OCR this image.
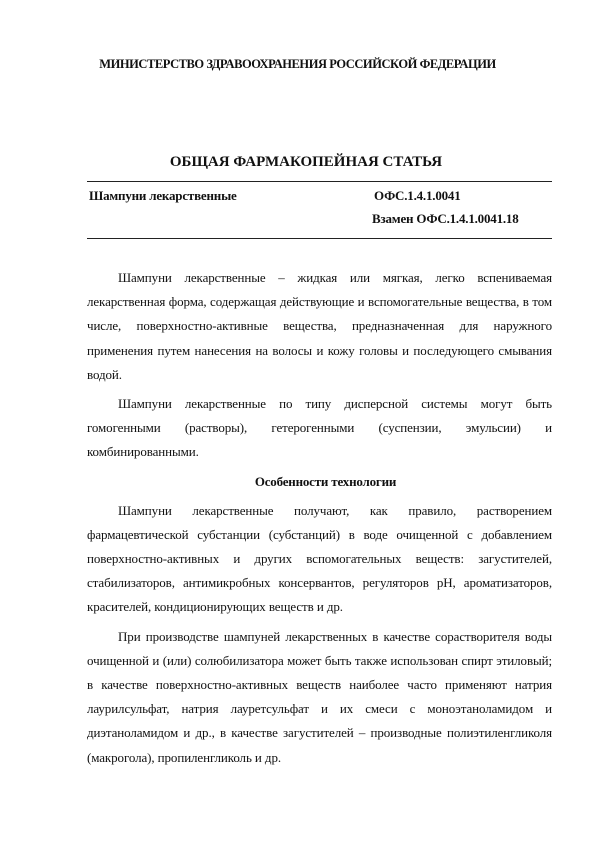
МИНИСТЕРСТВО ЗДРАВООХРАНЕНИЯ РОССИЙСКОЙ ФЕДЕРАЦИИ
ОБЩАЯ ФАРМАКОПЕЙНАЯ СТАТЬЯ
Шампуни лекарственные	ОФС.1.4.1.0041
Взамен ОФС.1.4.1.0041.18

Шампуни лекарственные – жидкая или мягкая, легко вспениваемая лекарственная форма, содержащая действующие и вспомогательные вещества, в том числе, поверхностно-активные вещества, предназначенная для наружного применения путем нанесения на волосы и кожу головы и последующего смывания водой.

Шампуни лекарственные по типу дисперсной системы могут быть гомогенными (растворы), гетерогенными (суспензии, эмульсии) и комбинированными.

Особенности технологии

Шампуни лекарственные получают, как правило, растворением фармацевтической субстанции (субстанций) в воде очищенной с добавлением поверхностно-активных и других вспомогательных веществ: загустителей, стабилизаторов, антимикробных консервантов, регуляторов pH, ароматизаторов, красителей, кондиционирующих веществ и др.

При производстве шампуней лекарственных в качестве сорастворителя воды очищенной и (или) солюбилизатора может быть также использован спирт этиловый; в качестве поверхностно-активных веществ наиболее часто применяют натрия лаурилсульфат, натрия лауретсульфат и их смеси с моноэтаноламидом и диэтаноламидом и др., в качестве загустителей – производные полиэтиленгликоля (макрогола), пропиленгликоль и др.
